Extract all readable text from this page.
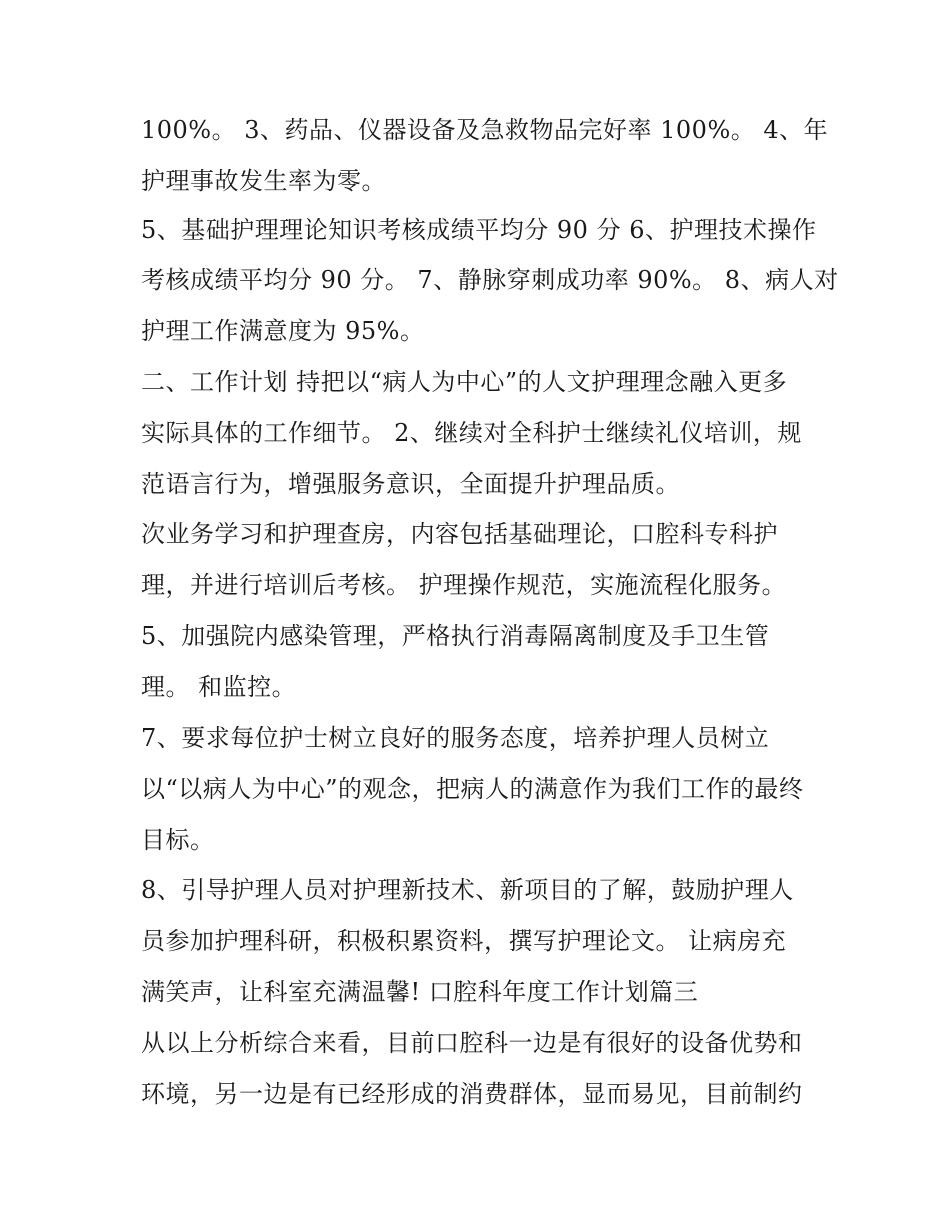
100%。 3、药品、仪器设备及急救物品完好率 100%。 4、年
护理事故发生率为零。
5、基础护理理论知识考核成绩平均分 90 分 6、护理技术操作
考核成绩平均分 90 分。 7、静脉穿刺成功率 90%。 8、病人对
护理工作满意度为 95%。
二、工作计划 持把以“病人为中心”的人文护理理念融入更多
实际具体的工作细节。 2、继续对全科护士继续礼仪培训，规
范语言行为，增强服务意识，全面提升护理品质。
次业务学习和护理查房，内容包括基础理论，口腔科专科护
理，并进行培训后考核。 护理操作规范，实施流程化服务。
5、加强院内感染管理，严格执行消毒隔离制度及手卫生管
理。 和监控。
7、要求每位护士树立良好的服务态度，培养护理人员树立
以“以病人为中心”的观念，把病人的满意作为我们工作的最终
目标。
8、引导护理人员对护理新技术、新项目的了解，鼓励护理人
员参加护理科研，积极积累资料，撰写护理论文。 让病房充
满笑声，让科室充满温馨! 口腔科年度工作计划篇三
从以上分析综合来看，目前口腔科一边是有很好的设备优势和
环境，另一边是有已经形成的消费群体，显而易见，目前制约
